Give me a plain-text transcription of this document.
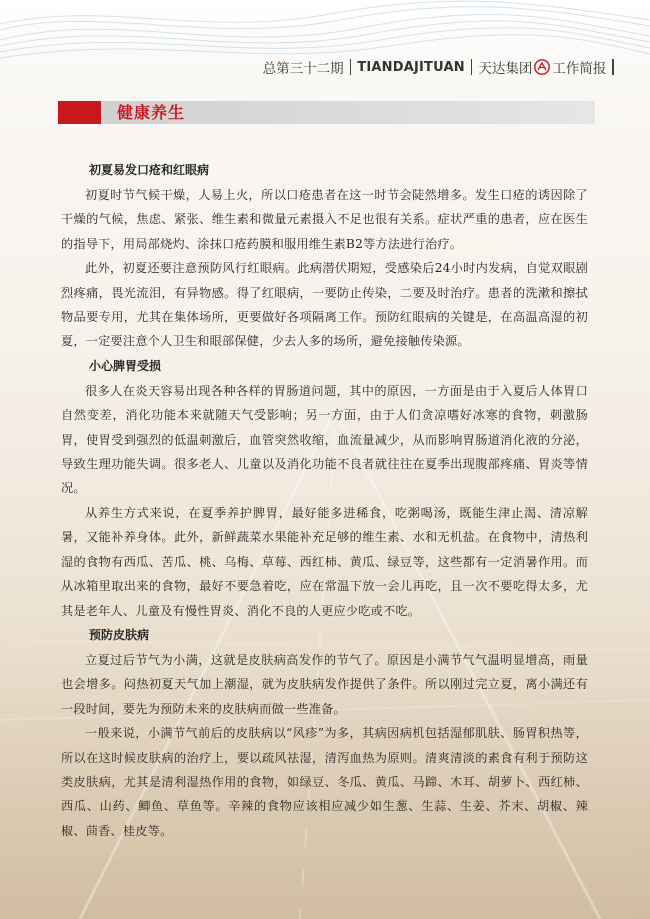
总第三十二期 TIANDAJITUAN 天达集团 工作简报
健康养生
初夏易发口疮和红眼病

初夏时节气候干燥，人易上火，所以口疮患者在这一时节会陡然增多。发生口疮的诱因除了干燥的气候，焦虑、紧张、维生素和微量元素摄入不足也很有关系。症状严重的患者，应在医生的指导下，用局部烧灼、涂抹口疮药膜和服用维生素B2等方法进行治疗。

此外，初夏还要注意预防风行红眼病。此病潜伏期短，受感染后24小时内发病，自觉双眼剧烈疼痛，畏光流泪，有异物感。得了红眼病，一要防止传染，二要及时治疗。患者的洗漱和擦拭物品要专用，尤其在集体场所，更要做好各项隔离工作。预防红眼病的关键是，在高温高湿的初夏，一定要注意个人卫生和眼部保健，少去人多的场所，避免接触传染源。

小心脾胃受损

很多人在炎天容易出现各种各样的胃肠道问题，其中的原因，一方面是由于入夏后人体胃口自然变差，消化功能本来就随天气受影响；另一方面，由于人们贪凉嗜好冰寒的食物，刺激肠胃，使胃受到强烈的低温刺激后，血管突然收缩，血流量减少，从而影响胃肠道消化液的分泌，导致生理功能失调。很多老人、儿童以及消化功能不良者就往往在夏季出现腹部疼痛、胃炎等情况。

从养生方式来说，在夏季养护脾胃，最好能多进稀食，吃粥喝汤，既能生津止渴、清凉解暑，又能补养身体。此外，新鲜蔬菜水果能补充足够的维生素、水和无机盐。在食物中，清热利湿的食物有西瓜、苦瓜、桃、乌梅、草莓、西红柿、黄瓜、绿豆等，这些都有一定消暑作用。而从冰箱里取出来的食物，最好不要急着吃，应在常温下放一会儿再吃，且一次不要吃得太多，尤其是老年人、儿童及有慢性胃炎、消化不良的人更应少吃或不吃。

预防皮肤病

立夏过后节气为小满，这就是皮肤病高发作的节气了。原因是小满节气气温明显增高，雨量也会增多。闷热初夏天气加上潮湿，就为皮肤病发作提供了条件。所以刚过完立夏，离小满还有一段时间，要先为预防未来的皮肤病而做一些准备。

一般来说，小满节气前后的皮肤病以“风疹”为多，其病因病机包括湿郁肌肤、肠胃积热等，所以在这时候皮肤病的治疗上，要以疏风祛湿，清泻血热为原则。清爽清淡的素食有利于预防这类皮肤病，尤其是清利湿热作用的食物，如绿豆、冬瓜、黄瓜、马蹄、木耳、胡萝卜、西红柿、西瓜、山药、鲫鱼、草鱼等。辛辣的食物应该相应减少如生葱、生蒜、生姜、芥末、胡椒、辣椒、茴香、桂皮等。
